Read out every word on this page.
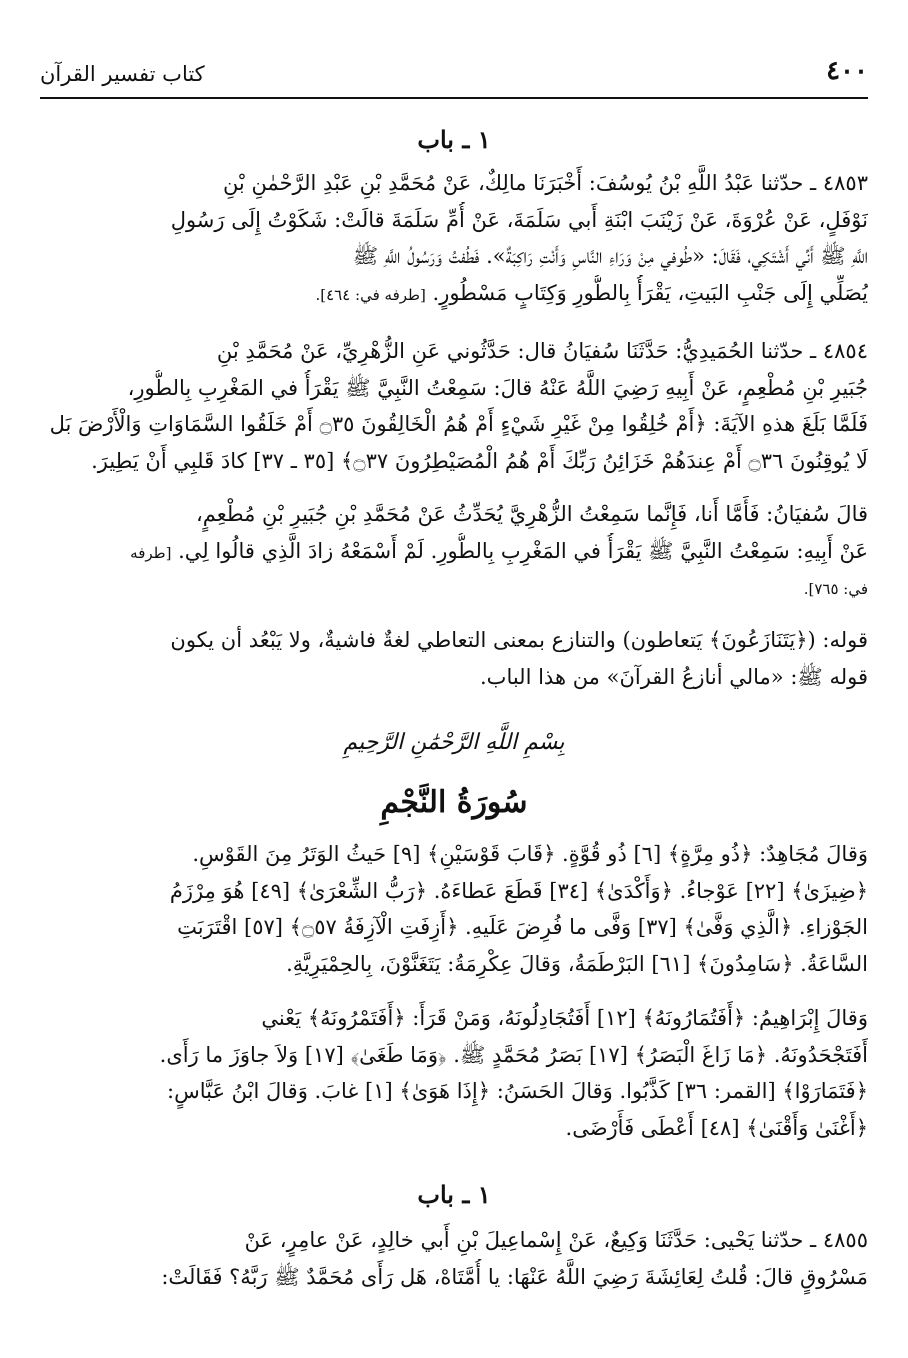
٤٠٠
كتاب تفسير القرآن
١ ـ باب
٤٨٥٣ ـ حدّثنا عَبْدُ اللَّهِ بْنُ يُوسُفَ: أَخْبَرَنَا مالِكٌ، عَنْ مُحَمَّدِ بْنِ عَبْدِ الرَّحْمٰنِ بْنِ
نَوْفَلٍ، عَنْ عُرْوَةَ، عَنْ زَيْنَبَ ابْنَةِ أَبي سَلَمَةَ، عَنْ أُمِّ سَلَمَةَ قالَتْ: شَكَوْتُ إِلَى رَسُولِ
اللَّهِ ﷺ أَنِّي أَشْتَكِي، فَقَالَ: «طُوفي مِنْ وَرَاءِ النَّاسِ وَأَنْتِ رَاكِبَةٌ». فَطُفتُ وَرَسُولُ اللَّهِ ﷺ
يُصَلِّي إِلَى جَنْبِ البَيتِ، يَقْرَأُ بِالطُّورِ وَكِتَابٍ مَسْطُورٍ. [طرفه في: ٤٦٤].
٤٨٥٤ ـ حدّثنا الحُمَيدِيُّ: حَدَّثَنَا سُفيَانُ قال: حَدَّثُوني عَنِ الزُّهْرِيِّ، عَنْ مُحَمَّدِ بْنِ
جُبَيرِ بْنِ مُطْعِمٍ، عَنْ أَبِيهِ رَضِيَ اللَّهُ عَنْهُ قالَ: سَمِعْتُ النَّبِيَّ ﷺ يَقْرَأُ في المَغْرِبِ بِالطُّورِ،
فَلَمَّا بَلَغَ هذهِ الآيَةَ: ﴿أَمْ خُلِقُوا مِنْ غَيْرِ شَيْءٍ أَمْ هُمُ الْخَالِقُونَ ۝٣٥ أَمْ خَلَقُوا السَّمَاوَاتِ وَالْأَرْضَ بَل
لَا يُوقِنُونَ ۝٣٦ أَمْ عِندَهُمْ خَزَائِنُ رَبِّكَ أَمْ هُمُ الْمُصَيْطِرُونَ ۝٣٧﴾ [٣٥ ـ ٣٧] كادَ قَلبِي أَنْ يَطِيرَ.
قالَ سُفيَانُ: فَأَمَّا أَنا، فَإِنَّما سَمِعْتُ الزُّهْرِيَّ يُحَدِّثُ عَنْ مُحَمَّدِ بْنِ جُبَيرِ بْنِ مُطْعِمٍ،
عَنْ أَبِيهِ: سَمِعْتُ النَّبِيَّ ﷺ يَقْرَأُ في المَغْرِبِ بِالطُّورِ. لَمْ أَسْمَعْهُ زادَ الَّذِي قالُوا لِي. [طرفه
في: ٧٦٥].
قوله: (﴿يَتَنَازَعُونَ﴾ يَتعاطون) والتنازع بمعنى التعاطي لغةٌ فاشيةٌ، ولا يَبْعُد أن يكون
قوله ﷺ: «مالي أنازعُ القرآنَ» من هذا الباب.
بِسْمِ اللَّهِ الرَّحْمَٰنِ الرَّحِيمِ
سُورَةُ النَّجْمِ
وَقالَ مُجَاهِدٌ: ﴿ذُو مِرَّةٍ﴾ [٦] ذُو قُوَّةٍ. ﴿قَابَ قَوْسَيْنِ﴾ [٩] حَيثُ الوَتَرُ مِنَ القَوْسِ.
﴿ضِيزَىٰ﴾ [٢٢] عَوْجاءُ. ﴿وَأَكْدَىٰ﴾ [٣٤] قَطَعَ عَطاءَهُ. ﴿رَبُّ الشِّعْرَىٰ﴾ [٤٩] هُوَ مِرْزَمُ
الجَوْزاءِ. ﴿الَّذِي وَفَّىٰ﴾ [٣٧] وَفَّى ما فُرِضَ عَلَيهِ. ﴿أَزِفَتِ الْآزِفَةُ ۝٥٧﴾ [٥٧] اقْتَرَبَتِ
السَّاعَةُ. ﴿سَامِدُونَ﴾ [٦١] البَرْطَمَةُ، وَقالَ عِكْرِمَةُ: يَتَغَنَّوْنَ، بِالحِمْيَرِيَّةِ.
وَقالَ إِبْرَاهِيمُ: ﴿أَفَتُمَارُونَهُ﴾ [١٢] أَفَتُجَادِلُونَهُ، وَمَنْ قَرَأَ: ﴿أَفَتَمْرُونَهُ﴾ يَعْني
أَفَتَجْحَدُونَهُ. ﴿مَا زَاغَ الْبَصَرُ﴾ [١٧] بَصَرُ مُحَمَّدٍ ﷺ. ﴿وَمَا طَغَىٰ﴾ [١٧] وَلاَ جاوَزَ ما رَأَى.
﴿فَتَمَارَوْا﴾ [القمر: ٣٦] كَذَّبُوا. وَقالَ الحَسَنُ: ﴿إِذَا هَوَىٰ﴾ [١] غابَ. وَقالَ ابْنُ عَبَّاسٍ:
﴿أَغْنَىٰ وَأَقْنَىٰ﴾ [٤٨] أَعْطَى فَأَرْضَى.
١ ـ باب
٤٨٥٥ ـ حدّثنا يَحْيى: حَدَّثَنَا وَكِيعٌ، عَنْ إِسْماعِيلَ بْنِ أَبي خالِدٍ، عَنْ عامِرٍ، عَنْ
مَسْرُوقٍ قالَ: قُلتُ لِعَائِشَةَ رَضِيَ اللَّهُ عَنْهَا: يا أُمَّتَاهْ، هَل رَأَى مُحَمَّدٌ ﷺ رَبَّهُ؟ فَقَالَتْ:
